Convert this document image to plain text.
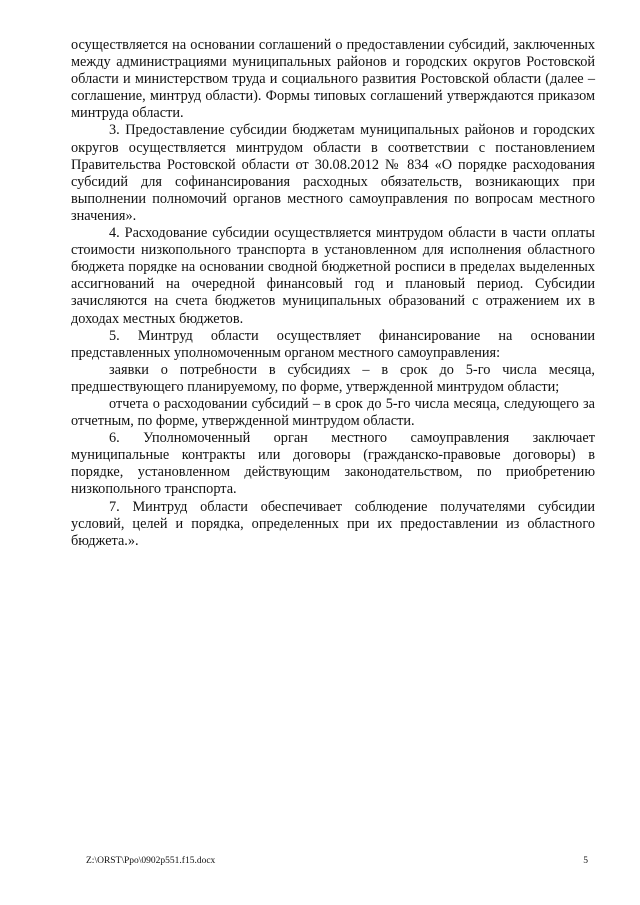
осуществляется на основании соглашений о предоставлении субсидий, заключенных между администрациями муниципальных районов и городских округов Ростовской области и министерством труда и социального развития Ростовской области (далее – соглашение, минтруд области). Формы типовых соглашений утверждаются приказом минтруда области.

3. Предоставление субсидии бюджетам муниципальных районов и городских округов осуществляется минтрудом области в соответствии с постановлением Правительства Ростовской области от 30.08.2012 № 834 «О порядке расходования субсидий для софинансирования расходных обязательств, возникающих при выполнении полномочий органов местного самоуправления по вопросам местного значения».

4. Расходование субсидии осуществляется минтрудом области в части оплаты стоимости низкопольного транспорта в установленном для исполнения областного бюджета порядке на основании сводной бюджетной росписи в пределах выделенных ассигнований на очередной финансовый год и плановый период. Субсидии зачисляются на счета бюджетов муниципальных образований с отражением их в доходах местных бюджетов.

5. Минтруд области осуществляет финансирование на основании представленных уполномоченным органом местного самоуправления:

заявки о потребности в субсидиях – в срок до 5-го числа месяца, предшествующего планируемому, по форме, утвержденной минтрудом области;

отчета о расходовании субсидий – в срок до 5-го числа месяца, следующего за отчетным, по форме, утвержденной минтрудом области.

6. Уполномоченный орган местного самоуправления заключает муниципальные контракты или договоры (гражданско-правовые договоры) в порядке, установленном действующим законодательством, по приобретению низкопольного транспорта.

7. Минтруд области обеспечивает соблюдение получателями субсидии условий, целей и порядка, определенных при их предоставлении из областного бюджета.».

Z:\ORST\Ppo\0902p551.f15.docx	5
